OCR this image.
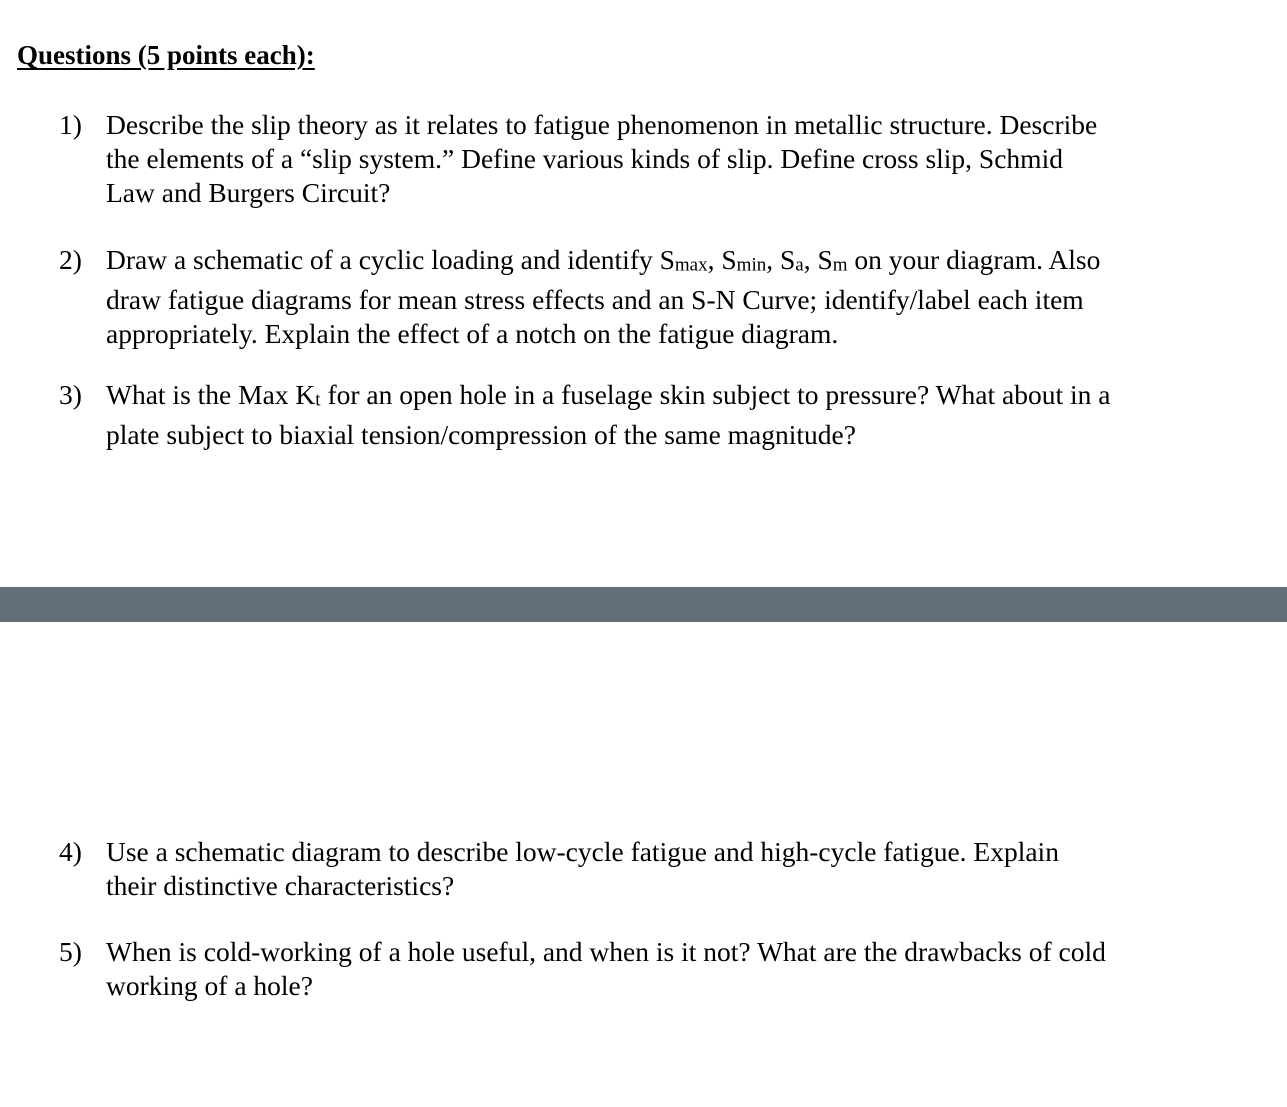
Questions (5 points each):
1) Describe the slip theory as it relates to fatigue phenomenon in metallic structure. Describe
the elements of a “slip system.” Define various kinds of slip. Define cross slip, Schmid
Law and Burgers Circuit?
2) Draw a schematic of a cyclic loading and identify Smax, Smin, Sa, Sm on your diagram. Also
draw fatigue diagrams for mean stress effects and an S-N Curve; identify/label each item
appropriately. Explain the effect of a notch on the fatigue diagram.
3) What is the Max Kt for an open hole in a fuselage skin subject to pressure? What about in a
plate subject to biaxial tension/compression of the same magnitude?
4) Use a schematic diagram to describe low-cycle fatigue and high-cycle fatigue. Explain
their distinctive characteristics?
5) When is cold-working of a hole useful, and when is it not? What are the drawbacks of cold
working of a hole?
